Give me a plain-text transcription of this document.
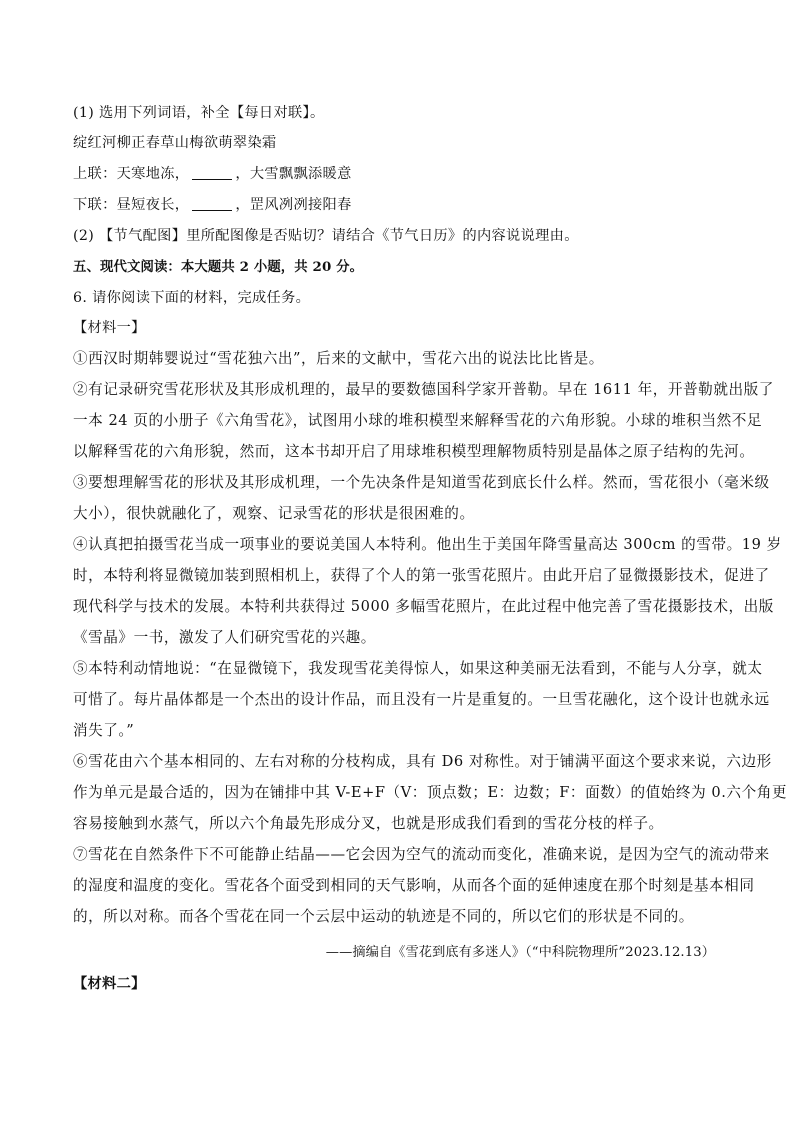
(1) 选用下列词语，补全【每日对联】。
绽红河柳正春草山梅欲萌翠染霜
上联：天寒地冻，	，大雪飘飘添暖意
下联：昼短夜长，	，罡风冽冽接阳春
(2) 【节气配图】里所配图像是否贴切？请结合《节气日历》的内容说说理由。
五、现代文阅读：本大题共 2 小题，共 20 分。
6. 请你阅读下面的材料，完成任务。
【材料一】
①西汉时期韩婴说过“雪花独六出”，后来的文献中，雪花六出的说法比比皆是。
②有记录研究雪花形状及其形成机理的，最早的要数德国科学家开普勒。早在 1611 年，开普勒就出版了
一本 24 页的小册子《六角雪花》，试图用小球的堆积模型来解释雪花的六角形貌。小球的堆积当然不足
以解释雪花的六角形貌，然而，这本书却开启了用球堆积模型理解物质特别是晶体之原子结构的先河。
③要想理解雪花的形状及其形成机理，一个先决条件是知道雪花到底长什么样。然而，雪花很小（毫米级
大小），很快就融化了，观察、记录雪花的形状是很困难的。
④认真把拍摄雪花当成一项事业的要说美国人本特利。他出生于美国年降雪量高达 300cm 的雪带。19 岁
时，本特利将显微镜加装到照相机上，获得了个人的第一张雪花照片。由此开启了显微摄影技术，促进了
现代科学与技术的发展。本特利共获得过 5000 多幅雪花照片，在此过程中他完善了雪花摄影技术，出版
《雪晶》一书，激发了人们研究雪花的兴趣。
⑤本特利动情地说：“在显微镜下，我发现雪花美得惊人，如果这种美丽无法看到，不能与人分享，就太
可惜了。每片晶体都是一个杰出的设计作品，而且没有一片是重复的。一旦雪花融化，这个设计也就永远
消失了。”
⑥雪花由六个基本相同的、左右对称的分枝构成，具有 D6 对称性。对于铺满平面这个要求来说，六边形
作为单元是最合适的，因为在铺排中其 V-E+F（V：顶点数；E：边数；F：面数）的值始终为 0.六个角更
容易接触到水蒸气，所以六个角最先形成分叉，也就是形成我们看到的雪花分枝的样子。
⑦雪花在自然条件下不可能静止结晶——它会因为空气的流动而变化，准确来说，是因为空气的流动带来
的湿度和温度的变化。雪花各个面受到相同的天气影响，从而各个面的延伸速度在那个时刻是基本相同
的，所以对称。而各个雪花在同一个云层中运动的轨迹是不同的，所以它们的形状是不同的。
——摘编自《雪花到底有多迷人》（“中科院物理所”2023.12.13）
【材料二】
